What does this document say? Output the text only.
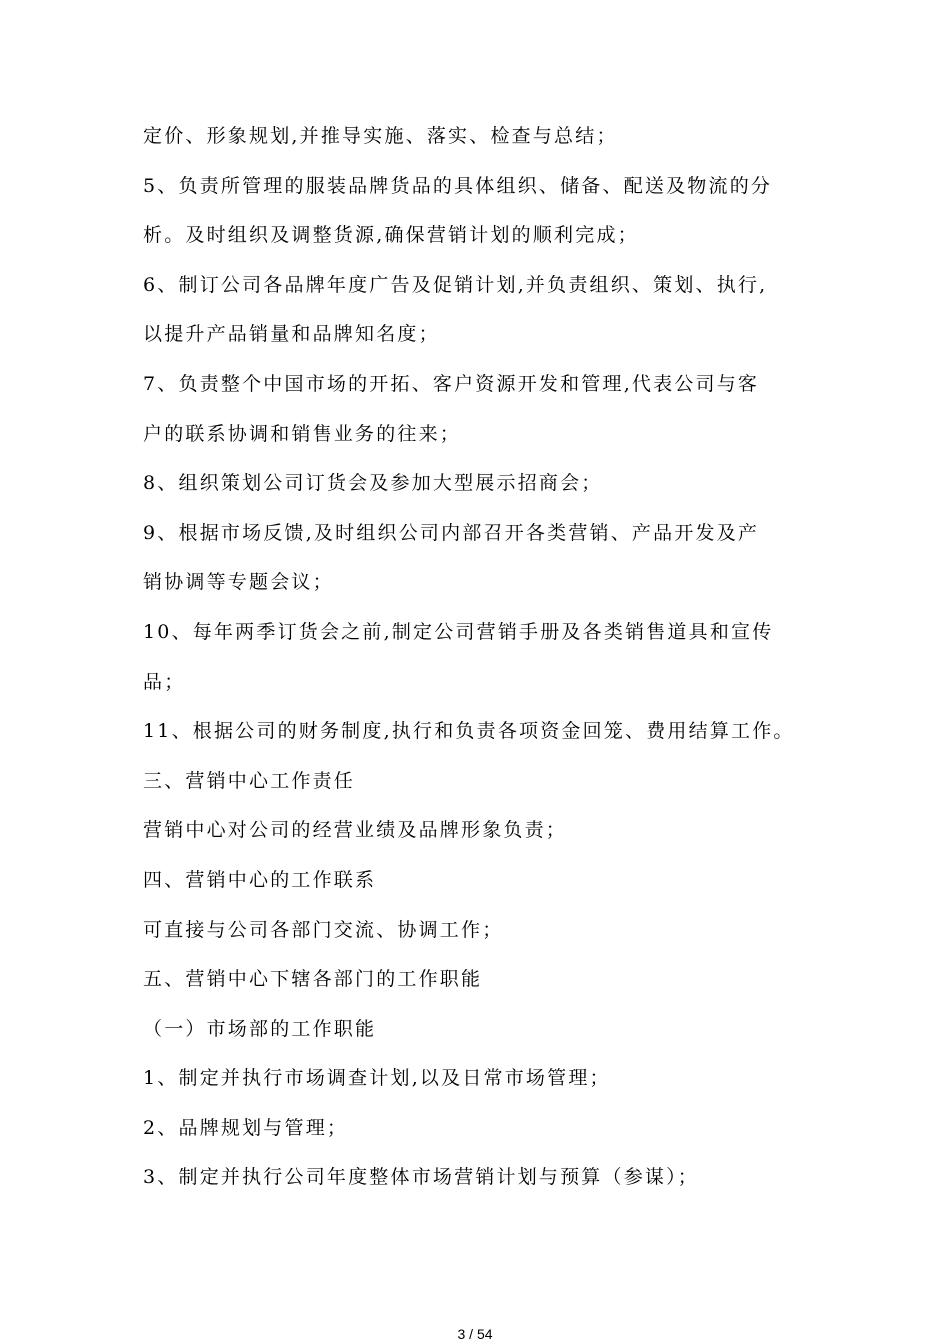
定价、形象规划,并推导实施、落实、检查与总结；
5、负责所管理的服装品牌货品的具体组织、储备、配送及物流的分
析。及时组织及调整货源,确保营销计划的顺利完成；
6、制订公司各品牌年度广告及促销计划,并负责组织、策划、执行,
以提升产品销量和品牌知名度；
7、负责整个中国市场的开拓、客户资源开发和管理,代表公司与客
户的联系协调和销售业务的往来；
8、组织策划公司订货会及参加大型展示招商会；
9、根据市场反馈,及时组织公司内部召开各类营销、产品开发及产
销协调等专题会议；
10、每年两季订货会之前,制定公司营销手册及各类销售道具和宣传
品；
11、根据公司的财务制度,执行和负责各项资金回笼、费用结算工作。
三、营销中心工作责任
营销中心对公司的经营业绩及品牌形象负责；
四、营销中心的工作联系
可直接与公司各部门交流、协调工作；
五、营销中心下辖各部门的工作职能
（一）市场部的工作职能
1、制定并执行市场调查计划,以及日常市场管理；
2、品牌规划与管理；
3、制定并执行公司年度整体市场营销计划与预算（参谋）；
3 / 54
